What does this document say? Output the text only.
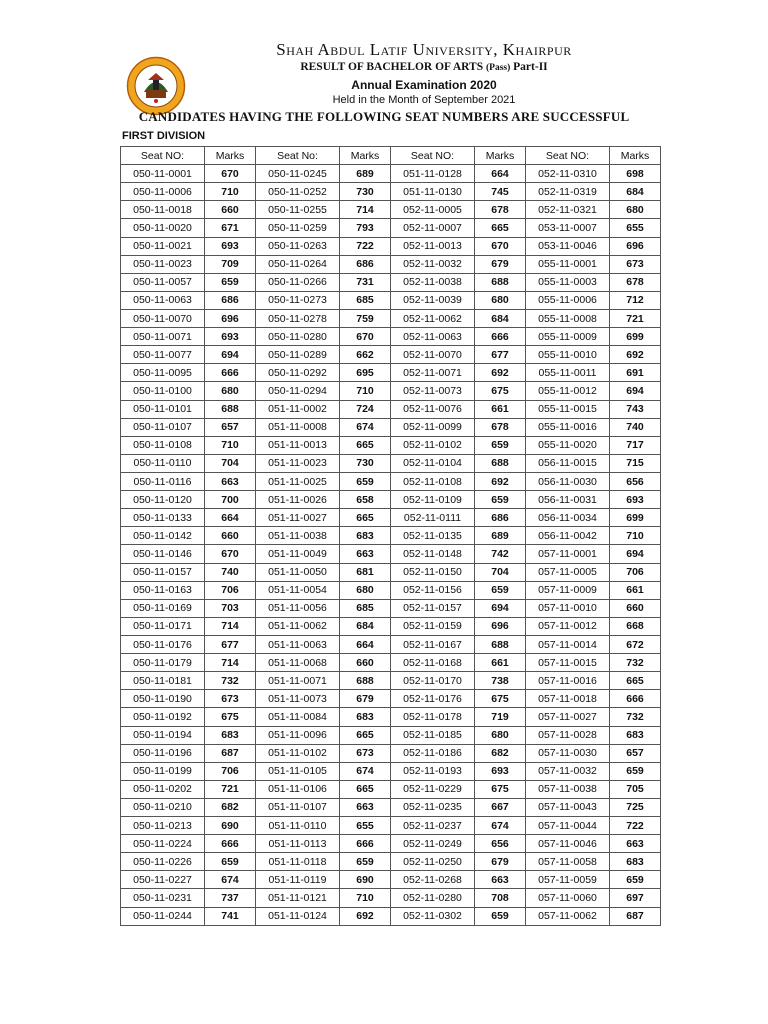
Shah Abdul Latif University, Khairpur
RESULT OF BACHELOR OF ARTS (Pass) Part-II
Annual Examination 2020
Held in the Month of September 2021
CANDIDATES HAVING THE FOLLOWING SEAT NUMBERS ARE SUCCESSFUL
FIRST DIVISION
Seat NO:	Marks	Seat No:	Marks	Seat NO:	Marks	Seat NO:	Marks
050-11-0001	670	050-11-0245	689	051-11-0128	664	052-11-0310	698
050-11-0006	710	050-11-0252	730	051-11-0130	745	052-11-0319	684
050-11-0018	660	050-11-0255	714	052-11-0005	678	052-11-0321	680
050-11-0020	671	050-11-0259	793	052-11-0007	665	053-11-0007	655
050-11-0021	693	050-11-0263	722	052-11-0013	670	053-11-0046	696
050-11-0023	709	050-11-0264	686	052-11-0032	679	055-11-0001	673
050-11-0057	659	050-11-0266	731	052-11-0038	688	055-11-0003	678
050-11-0063	686	050-11-0273	685	052-11-0039	680	055-11-0006	712
050-11-0070	696	050-11-0278	759	052-11-0062	684	055-11-0008	721
050-11-0071	693	050-11-0280	670	052-11-0063	666	055-11-0009	699
050-11-0077	694	050-11-0289	662	052-11-0070	677	055-11-0010	692
050-11-0095	666	050-11-0292	695	052-11-0071	692	055-11-0011	691
050-11-0100	680	050-11-0294	710	052-11-0073	675	055-11-0012	694
050-11-0101	688	051-11-0002	724	052-11-0076	661	055-11-0015	743
050-11-0107	657	051-11-0008	674	052-11-0099	678	055-11-0016	740
050-11-0108	710	051-11-0013	665	052-11-0102	659	055-11-0020	717
050-11-0110	704	051-11-0023	730	052-11-0104	688	056-11-0015	715
050-11-0116	663	051-11-0025	659	052-11-0108	692	056-11-0030	656
050-11-0120	700	051-11-0026	658	052-11-0109	659	056-11-0031	693
050-11-0133	664	051-11-0027	665	052-11-0111	686	056-11-0034	699
050-11-0142	660	051-11-0038	683	052-11-0135	689	056-11-0042	710
050-11-0146	670	051-11-0049	663	052-11-0148	742	057-11-0001	694
050-11-0157	740	051-11-0050	681	052-11-0150	704	057-11-0005	706
050-11-0163	706	051-11-0054	680	052-11-0156	659	057-11-0009	661
050-11-0169	703	051-11-0056	685	052-11-0157	694	057-11-0010	660
050-11-0171	714	051-11-0062	684	052-11-0159	696	057-11-0012	668
050-11-0176	677	051-11-0063	664	052-11-0167	688	057-11-0014	672
050-11-0179	714	051-11-0068	660	052-11-0168	661	057-11-0015	732
050-11-0181	732	051-11-0071	688	052-11-0170	738	057-11-0016	665
050-11-0190	673	051-11-0073	679	052-11-0176	675	057-11-0018	666
050-11-0192	675	051-11-0084	683	052-11-0178	719	057-11-0027	732
050-11-0194	683	051-11-0096	665	052-11-0185	680	057-11-0028	683
050-11-0196	687	051-11-0102	673	052-11-0186	682	057-11-0030	657
050-11-0199	706	051-11-0105	674	052-11-0193	693	057-11-0032	659
050-11-0202	721	051-11-0106	665	052-11-0229	675	057-11-0038	705
050-11-0210	682	051-11-0107	663	052-11-0235	667	057-11-0043	725
050-11-0213	690	051-11-0110	655	052-11-0237	674	057-11-0044	722
050-11-0224	666	051-11-0113	666	052-11-0249	656	057-11-0046	663
050-11-0226	659	051-11-0118	659	052-11-0250	679	057-11-0058	683
050-11-0227	674	051-11-0119	690	052-11-0268	663	057-11-0059	659
050-11-0231	737	051-11-0121	710	052-11-0280	708	057-11-0060	697
050-11-0244	741	051-11-0124	692	052-11-0302	659	057-11-0062	687
